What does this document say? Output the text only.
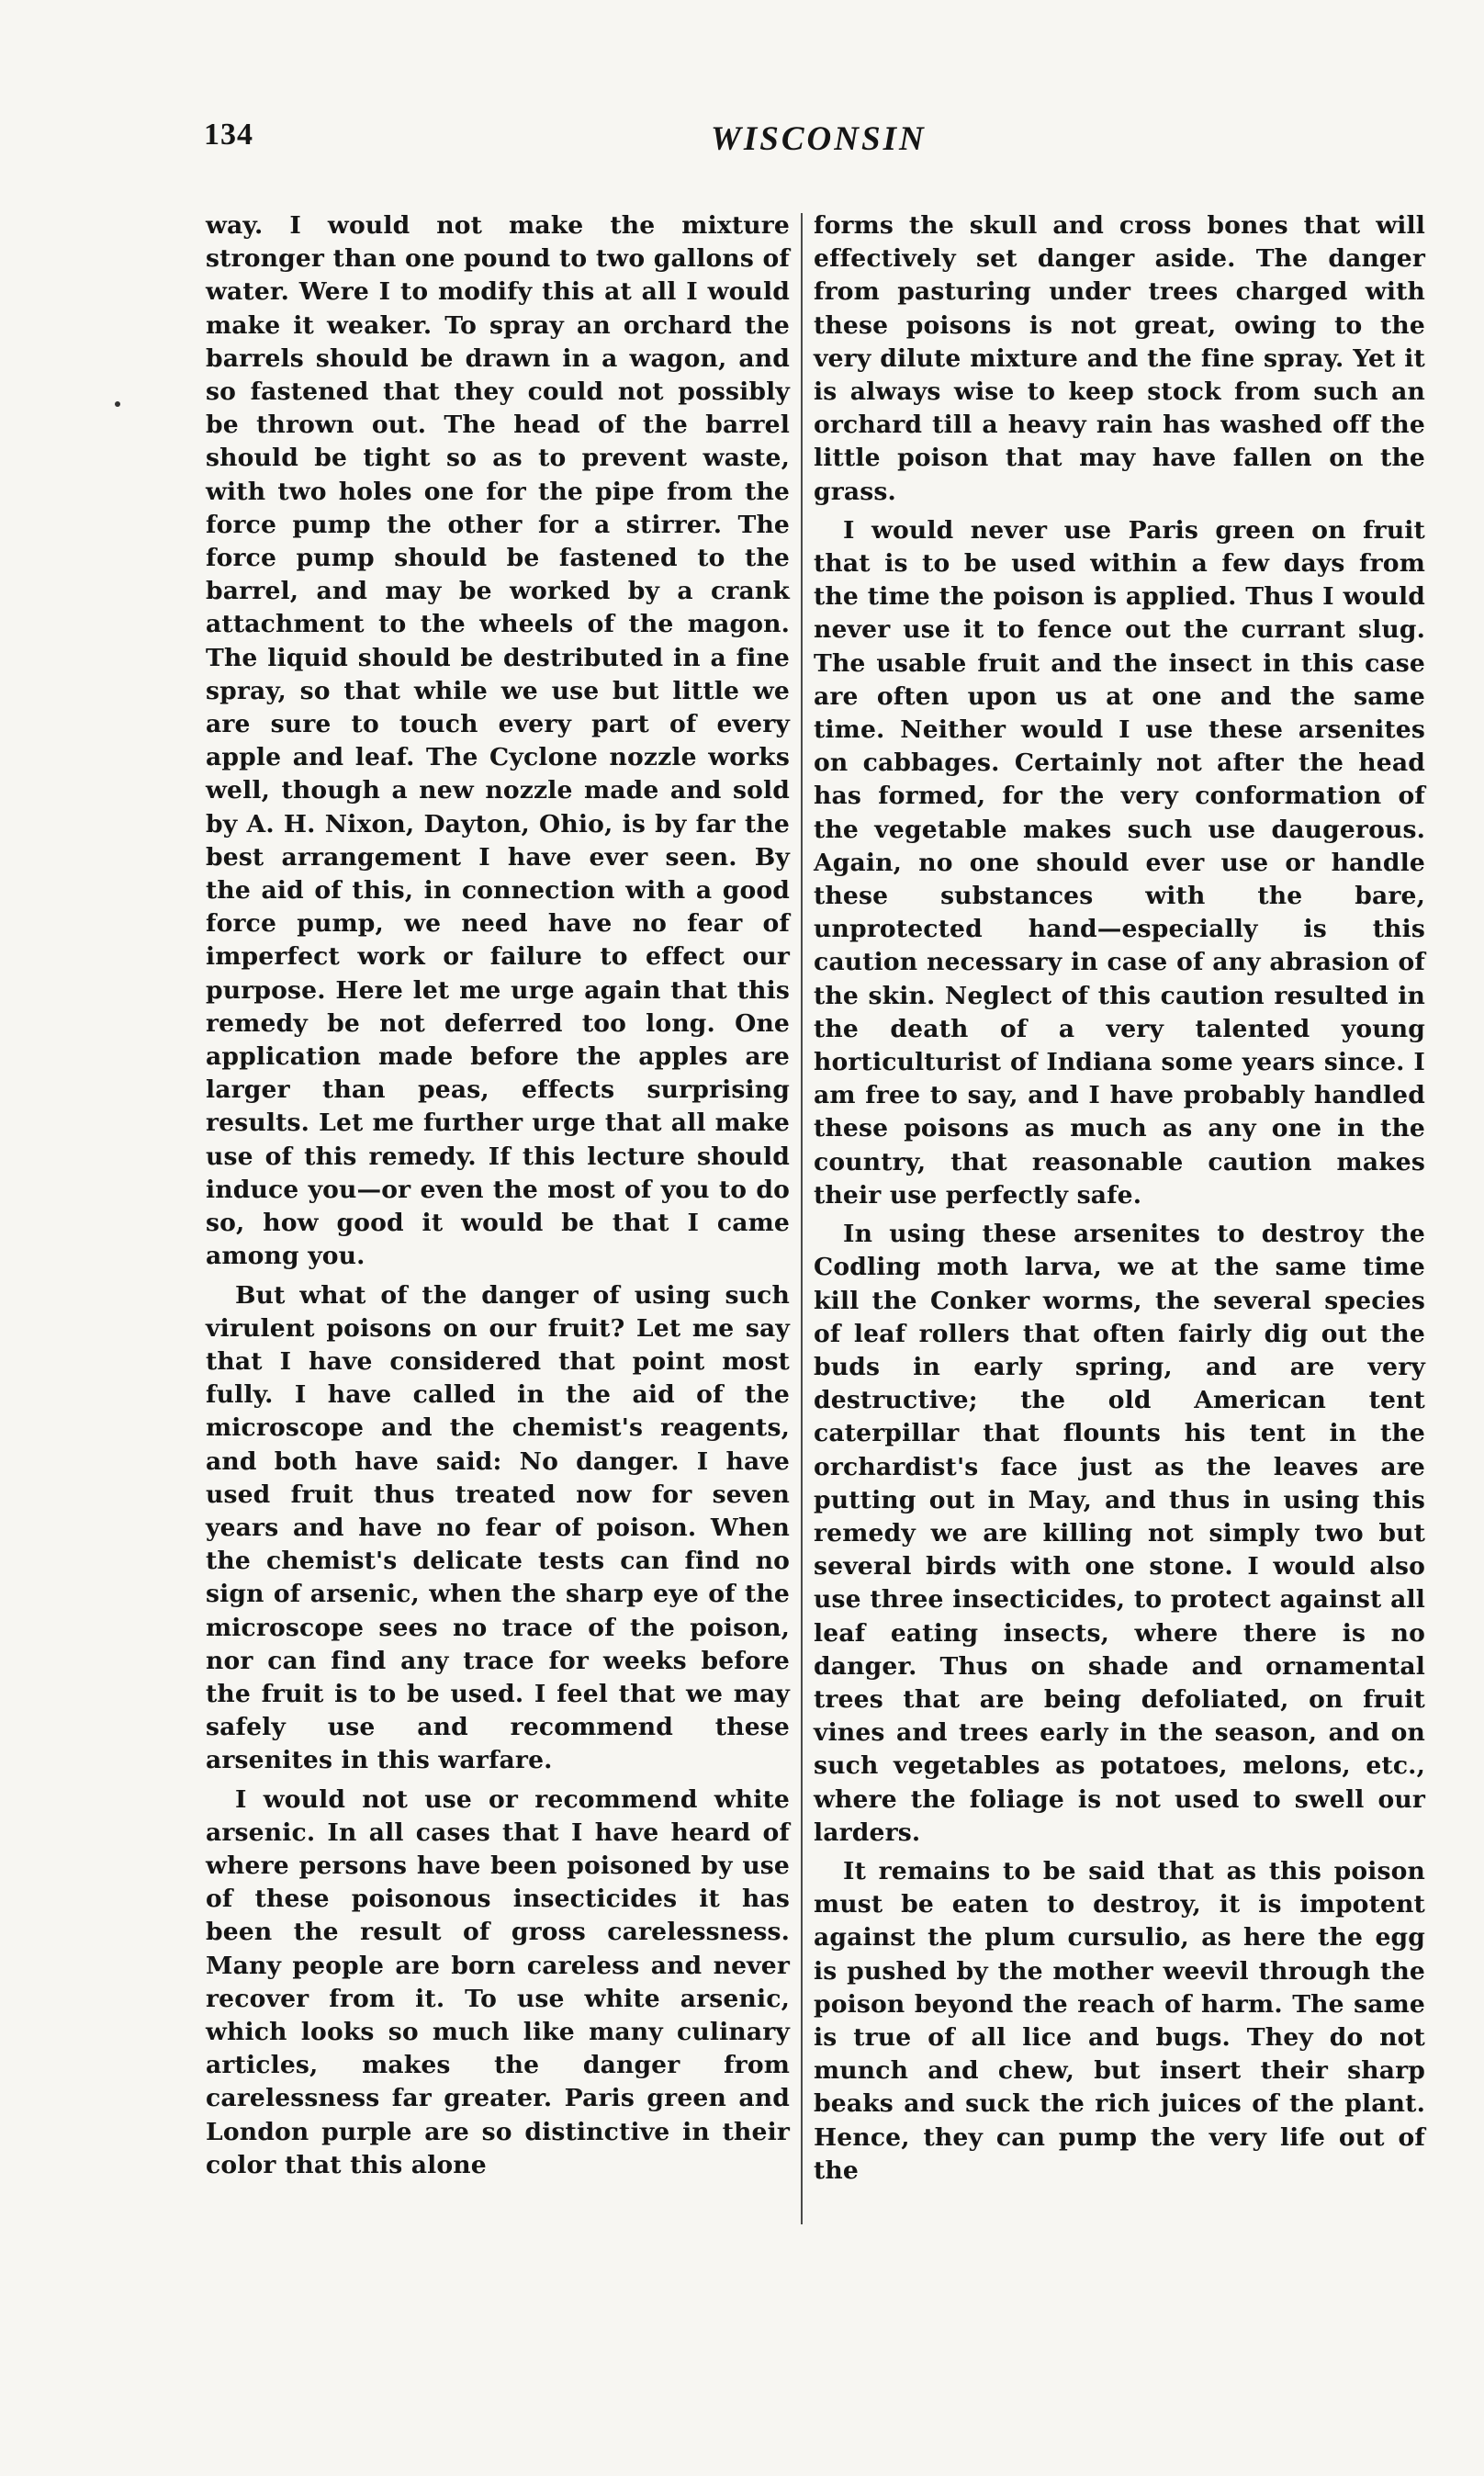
134	WISCONSIN

way. I would not make the mixture stronger than one pound to two gallons of water. Were I to modify this at all I would make it weaker. To spray an orchard the barrels should be drawn in a wagon, and so fastened that they could not possibly be thrown out. The head of the barrel should be tight so as to prevent waste, with two holes one for the pipe from the force pump the other for a stirrer. The force pump should be fastened to the barrel, and may be worked by a crank attachment to the wheels of the magon. The liquid should be destributed in a fine spray, so that while we use but little we are sure to touch every part of every apple and leaf. The Cyclone nozzle works well, though a new nozzle made and sold by A. H. Nixon, Dayton, Ohio, is by far the best arrangement I have ever seen. By the aid of this, in connection with a good force pump, we need have no fear of imperfect work or failure to effect our purpose. Here let me urge again that this remedy be not deferred too long. One application made before the apples are larger than peas, effects surprising results. Let me further urge that all make use of this remedy. If this lecture should induce you—or even the most of you to do so, how good it would be that I came among you.

But what of the danger of using such virulent poisons on our fruit? Let me say that I have considered that point most fully. I have called in the aid of the microscope and the chemist's reagents, and both have said: No danger. I have used fruit thus treated now for seven years and have no fear of poison. When the chemist's delicate tests can find no sign of arsenic, when the sharp eye of the microscope sees no trace of the poison, nor can find any trace for weeks before the fruit is to be used. I feel that we may safely use and recommend these arsenites in this warfare.

I would not use or recommend white arsenic. In all cases that I have heard of where persons have been poisoned by use of these poisonous insecticides it has been the result of gross carelessness. Many people are born careless and never recover from it. To use white arsenic, which looks so much like many culinary articles, makes the danger from carelessness far greater. Paris green and London purple are so distinctive in their color that this alone

forms the skull and cross bones that will effectively set danger aside. The danger from pasturing under trees charged with these poisons is not great, owing to the very dilute mixture and the fine spray. Yet it is always wise to keep stock from such an orchard till a heavy rain has washed off the little poison that may have fallen on the grass.

I would never use Paris green on fruit that is to be used within a few days from the time the poison is applied. Thus I would never use it to fence out the currant slug. The usable fruit and the insect in this case are often upon us at one and the same time. Neither would I use these arsenites on cabbages. Certainly not after the head has formed, for the very conformation of the vegetable makes such use daugerous. Again, no one should ever use or handle these substances with the bare, unprotected hand—especially is this caution necessary in case of any abrasion of the skin. Neglect of this caution resulted in the death of a very talented young horticulturist of Indiana some years since. I am free to say, and I have probably handled these poisons as much as any one in the country, that reasonable caution makes their use perfectly safe.

In using these arsenites to destroy the Codling moth larva, we at the same time kill the Conker worms, the several species of leaf rollers that often fairly dig out the buds in early spring, and are very destructive; the old American tent caterpillar that flounts his tent in the orchardist's face just as the leaves are putting out in May, and thus in using this remedy we are killing not simply two but several birds with one stone. I would also use three insecticides, to protect against all leaf eating insects, where there is no danger. Thus on shade and ornamental trees that are being defoliated, on fruit vines and trees early in the season, and on such vegetables as potatoes, melons, etc., where the foliage is not used to swell our larders.

It remains to be said that as this poison must be eaten to destroy, it is impotent against the plum cursulio, as here the egg is pushed by the mother weevil through the poison beyond the reach of harm. The same is true of all lice and bugs. They do not munch and chew, but insert their sharp beaks and suck the rich juices of the plant. Hence, they can pump the very life out of the
